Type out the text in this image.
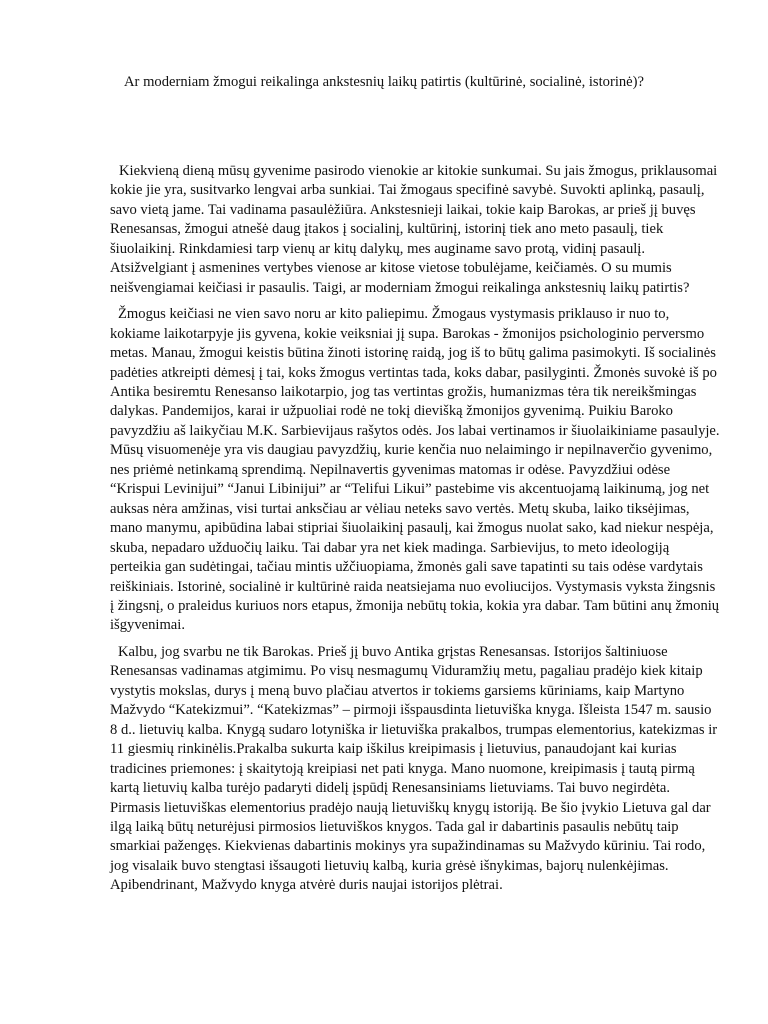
Ar moderniam žmogui reikalinga ankstesnių laikų patirtis (kultūrinė, socialinė, istorinė)?

Kiekvieną dieną mūsų gyvenime pasirodo vienokie ar kitokie sunkumai. Su jais žmogus, priklausomai kokie jie yra, susitvarko lengvai arba sunkiai. Tai žmogaus specifinė savybė. Suvokti aplinką, pasaulį, savo vietą jame. Tai vadinama pasaulėžiūra. Ankstesnieji laikai, tokie kaip Barokas, ar prieš jį buvęs Renesansas, žmogui atnešė daug įtakos į socialinį, kultūrinį, istorinį tiek ano meto pasaulį, tiek šiuolaikinį. Rinkdamiesi tarp vienų ar kitų dalykų, mes auginame savo protą, vidinį pasaulį. Atsižvelgiant į asmenines vertybes vienose ar kitose vietose tobulėjame, keičiamės. O su mumis neišvengiamai keičiasi ir pasaulis. Taigi, ar moderniam žmogui reikalinga ankstesnių laikų patirtis?

Žmogus keičiasi ne vien savo noru ar kito paliepimu. Žmogaus vystymasis priklauso ir nuo to, kokiame laikotarpyje jis gyvena, kokie veiksniai jį supa. Barokas - žmonijos psichologinio perversmo metas. Manau, žmogui keistis būtina žinoti istorinę raidą, jog iš to būtų galima pasimokyti. Iš socialinės padėties atkreipti dėmesį į tai, koks žmogus vertintas tada, koks dabar, pasilyginti. Žmonės suvokė iš po Antika besiremtu Renesanso laikotarpio, jog tas vertintas grožis, humanizmas tėra tik nereikšmingas dalykas. Pandemijos, karai ir užpuoliai rodė ne tokį dievišką žmonijos gyvenimą. Puikiu Baroko pavyzdžiu aš laikyčiau M.K. Sarbievijaus rašytos odės. Jos labai vertinamos ir šiuolaikiniame pasaulyje. Mūsų visuomenėje yra vis daugiau pavyzdžių, kurie kenčia nuo nelaimingo ir nepilnaverčio gyvenimo, nes priėmė netinkamą sprendimą. Nepilnavertis gyvenimas matomas ir odėse. Pavyzdžiui odėse “Krispui Levinijui” “Janui Libinijui” ar “Telifui Likui” pastebime vis akcentuojamą laikinumą, jog net auksas nėra amžinas, visi turtai anksčiau ar vėliau neteks savo vertės. Metų skuba, laiko tiksėjimas, mano manymu, apibūdina labai stipriai šiuolaikinį pasaulį, kai žmogus nuolat sako, kad niekur nespėja, skuba, nepadaro užduočių laiku. Tai dabar yra net kiek madinga. Sarbievijus, to meto ideologiją perteikia gan sudėtingai, tačiau mintis užčiuopiama, žmonės gali save tapatinti su tais odėse vardytais reiškiniais. Istorinė, socialinė ir kultūrinė raida neatsiejama nuo evoliucijos. Vystymasis vyksta žingsnis į žingsnį, o praleidus kuriuos nors etapus, žmonija nebūtų tokia, kokia yra dabar. Tam būtini anų žmonių išgyvenimai.

Kalbu, jog svarbu ne tik Barokas. Prieš jį buvo Antika grįstas Renesansas. Istorijos šaltiniuose Renesansas vadinamas atgimimu. Po visų nesmagumų Viduramžių metu, pagaliau pradėjo kiek kitaip vystytis mokslas, durys į meną buvo plačiau atvertos ir tokiems garsiems kūriniams, kaip Martyno Mažvydo “Katekizmui”. “Katekizmas” – pirmoji išspausdinta lietuviška knyga. Išleista 1547 m. sausio 8 d.. lietuvių kalba. Knygą sudaro lotyniška ir lietuviška prakalbos, trumpas elementorius, katekizmas ir 11 giesmių rinkinėlis.Prakalba sukurta kaip iškilus kreipimasis į lietuvius, panaudojant kai kurias tradicines priemones: į skaitytoją kreipiasi net pati knyga. Mano nuomone, kreipimasis į tautą pirmą kartą lietuvių kalba turėjo padaryti didelį įspūdį Renesansiniams lietuviams. Tai buvo negirdėta. Pirmasis lietuviškas elementorius pradėjo naują lietuviškų knygų istoriją. Be šio įvykio Lietuva gal dar ilgą laiką būtų neturėjusi pirmosios lietuviškos knygos. Tada gal ir dabartinis pasaulis nebūtų taip smarkiai pažengęs. Kiekvienas dabartinis mokinys yra supažindinamas su Mažvydo kūriniu. Tai rodo, jog visalaik buvo stengtasi išsaugoti lietuvių kalbą, kuria grėsė išnykimas, bajorų nulenkėjimas. Apibendrinant, Mažvydo knyga atvėrė duris naujai istorijos plėtrai.
